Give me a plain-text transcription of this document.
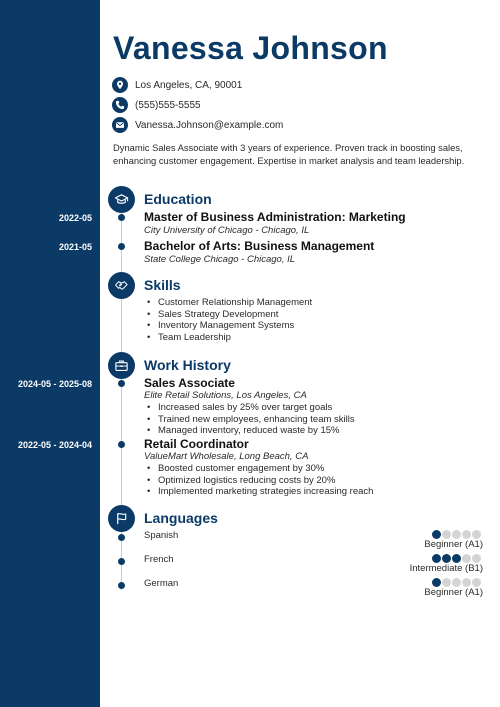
Vanessa Johnson
Los Angeles, CA, 90001
(555)555-5555
Vanessa.Johnson@example.com
Dynamic Sales Associate with 3 years of experience. Proven track in boosting sales, enhancing customer engagement. Expertise in market analysis and team leadership.
Education
2022-05	Master of Business Administration: Marketing
City University of Chicago - Chicago, IL
2021-05	Bachelor of Arts: Business Management
State College Chicago - Chicago, IL
Skills
• Customer Relationship Management
• Sales Strategy Development
• Inventory Management Systems
• Team Leadership
Work History
2024-05 - 2025-08	Sales Associate
Elite Retail Solutions, Los Angeles, CA
• Increased sales by 25% over target goals
• Trained new employees, enhancing team skills
• Managed inventory, reduced waste by 15%
2022-05 - 2024-04	Retail Coordinator
ValueMart Wholesale, Long Beach, CA
• Boosted customer engagement by 30%
• Optimized logistics reducing costs by 20%
• Implemented marketing strategies increasing reach
Languages
Spanish
Beginner (A1)
French
Intermediate (B1)
German
Beginner (A1)
